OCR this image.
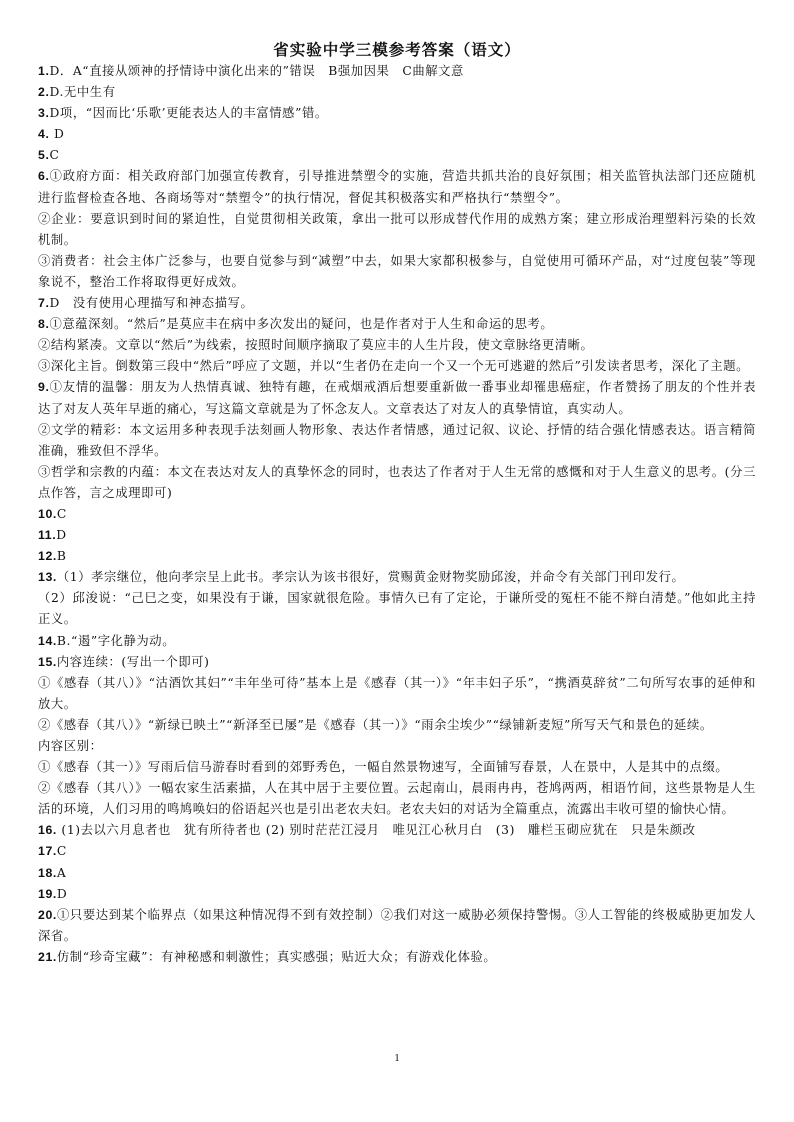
省实验中学三模参考答案（语文）
1.D．A“直接从颂神的抒情诗中演化出来的”错误　B强加因果　C曲解文意
2.D.无中生有
3.D项，“因而比‘乐歌’更能表达人的丰富情感”错。
4. D
5.C
6.①政府方面：相关政府部门加强宣传教育，引导推进禁塑令的实施，营造共抓共治的良好氛围；相关监管执法部门还应随机进行监督检查各地、各商场等对“禁塑令”的执行情况，督促其积极落实和严格执行“禁塑令”。
②企业：要意识到时间的紧迫性，自觉贯彻相关政策，拿出一批可以形成替代作用的成熟方案；建立形成治理塑料污染的长效机制。
③消费者：社会主体广泛参与，也要自觉参与到“减塑”中去，如果大家都积极参与，自觉使用可循环产品，对“过度包装”等现象说不，整治工作将取得更好成效。
7.D　没有使用心理描写和神态描写。
8.①意蕴深刻。“然后”是莫应丰在病中多次发出的疑问，也是作者对于人生和命运的思考。
②结构紧凑。文章以“然后”为线索，按照时间顺序摘取了莫应丰的人生片段，使文章脉络更清晰。
③深化主旨。倒数第三段中“然后”呼应了文题，并以“生者仍在走向一个又一个无可逃避的然后”引发读者思考，深化了主题。
9.①友情的温馨：朋友为人热情真诚、独特有趣，在戒烟戒酒后想要重新做一番事业却罹患癌症，作者赞扬了朋友的个性并表达了对友人英年早逝的痛心，写这篇文章就是为了怀念友人。文章表达了对友人的真挚情谊，真实动人。
②文学的精彩：本文运用多种表现手法刻画人物形象、表达作者情感，通过记叙、议论、抒情的结合强化情感表达。语言精简准确，雅致但不浮华。
③哲学和宗教的内蕴：本文在表达对友人的真挚怀念的同时，也表达了作者对于人生无常的感慨和对于人生意义的思考。(分三点作答，言之成理即可)
10.C
11.D
12.B
13.（1）孝宗继位，他向孝宗呈上此书。孝宗认为该书很好，赏赐黄金财物奖励邱浚，并命令有关部门刊印发行。
（2）邱浚说：“己巳之变，如果没有于谦，国家就很危险。事情久已有了定论，于谦所受的冤枉不能不辩白清楚。”他如此主持正义。
14.B.“遏”字化静为动。
15.内容连续：(写出一个即可)
①《感春（其八）》“沽酒饮其妇”“丰年坐可待”基本上是《感春（其一）》“年丰妇子乐”，“携酒莫辞贫”二句所写农事的延伸和放大。
②《感春（其八）》“新绿已映土”“新泽至已屡”是《感春（其一）》“雨余尘埃少”“绿铺新麦短”所写天气和景色的延续。
内容区别：
①《感春（其一）》写雨后信马游春时看到的郊野秀色，一幅自然景物速写，全面铺写春景，人在景中，人是其中的点缀。
②《感春（其八）》一幅农家生活素描，人在其中居于主要位置。云起南山，晨雨冉冉，苍鸠两两，相语竹间，这些景物是人生活的环境，人们习用的鸣鸠唤妇的俗语起兴也是引出老农夫妇。老农夫妇的对话为全篇重点，流露出丰收可望的愉快心情。
16. (1)去以六月息者也　犹有所待者也 (2) 别时茫茫江浸月　唯见江心秋月白　(3)　雕栏玉砌应犹在　只是朱颜改
17.C
18.A
19.D
20.①只要达到某个临界点（如果这种情况得不到有效控制）②我们对这一威胁必须保持警惕。③人工智能的终极威胁更加发人深省。
21.仿制“珍奇宝藏”：有神秘感和刺激性；真实感强；贴近大众；有游戏化体验。
1
